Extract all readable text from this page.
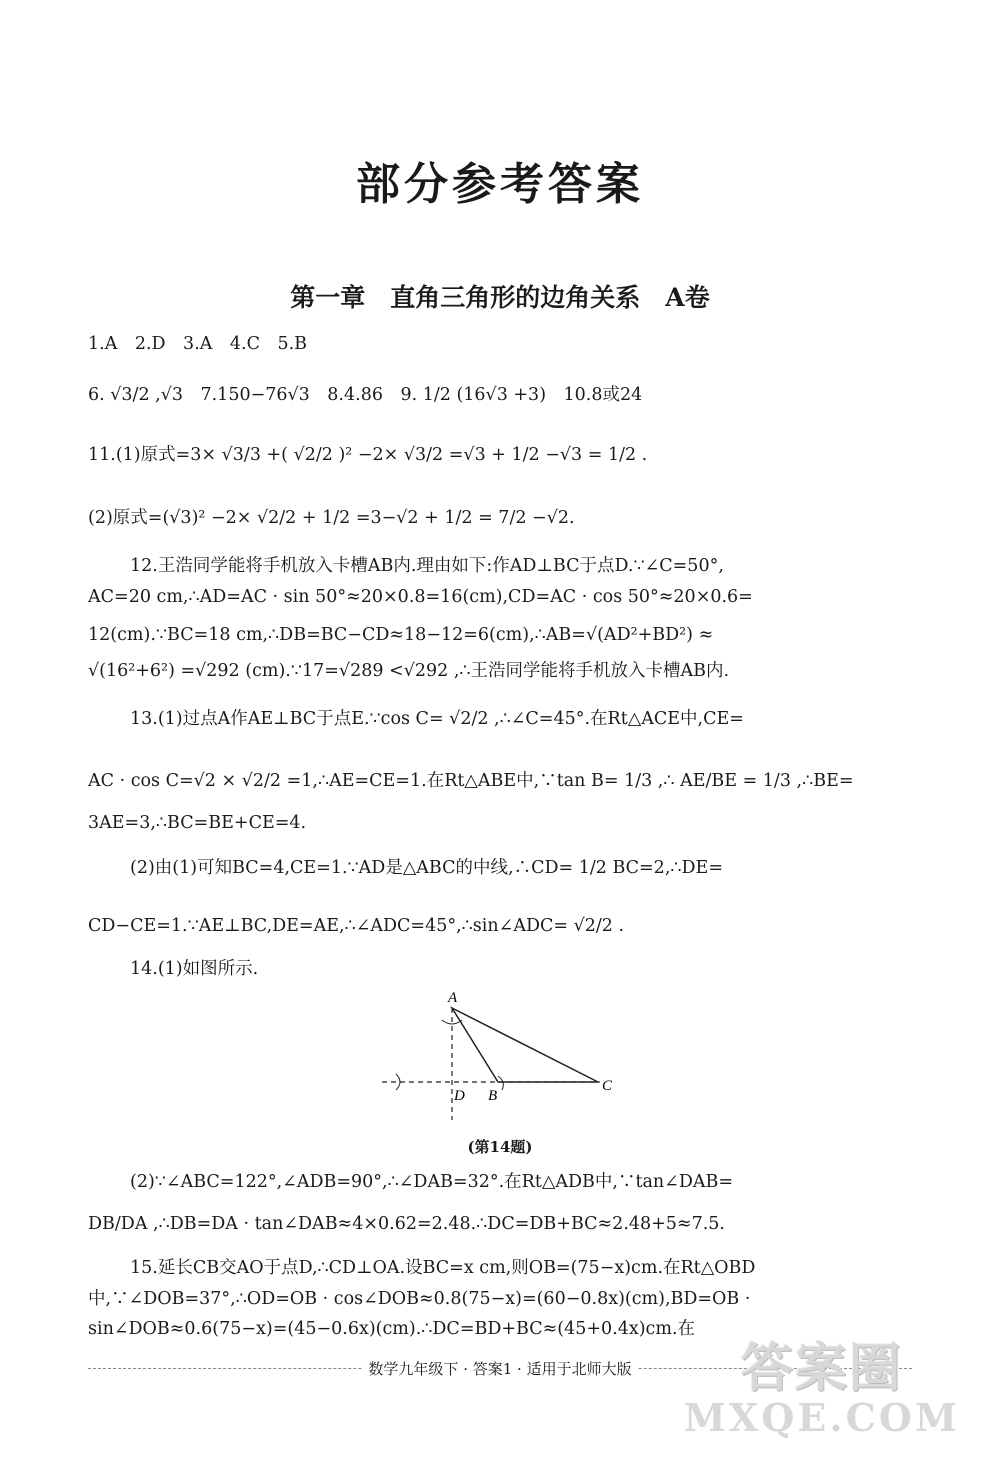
部分参考答案
第一章　直角三角形的边角关系　A卷
1.A　2.D　3.A　4.C　5.B
6. √3/2 ,√3　7.150−76√3　8.4.86　9. 1/2 (16√3 +3)　10.8或24
11.(1)原式=3× √3/3 +( √2/2 )² −2× √3/2 =√3 + 1/2 −√3 = 1/2 .
(2)原式=(√3)² −2× √2/2 + 1/2 =3−√2 + 1/2 = 7/2 −√2.
12.王浩同学能将手机放入卡槽AB内.理由如下:作AD⊥BC于点D.∵∠C=50°,
AC=20 cm,∴AD=AC · sin 50°≈20×0.8=16(cm),CD=AC · cos 50°≈20×0.6=
12(cm).∵BC=18 cm,∴DB=BC−CD≈18−12=6(cm),∴AB=√(AD²+BD²) ≈
√(16²+6²) =√292 (cm).∵17=√289 <√292 ,∴王浩同学能将手机放入卡槽AB内.
13.(1)过点A作AE⊥BC于点E.∵cos C= √2/2 ,∴∠C=45°.在Rt△ACE中,CE=
AC · cos C=√2 × √2/2 =1,∴AE=CE=1.在Rt△ABE中,∵tan B= 1/3 ,∴ AE/BE = 1/3 ,∴BE=
3AE=3,∴BC=BE+CE=4.
(2)由(1)可知BC=4,CE=1.∵AD是△ABC的中线,∴CD= 1/2 BC=2,∴DE=
CD−CE=1.∵AE⊥BC,DE=AE,∴∠ADC=45°,∴sin∠ADC= √2/2 .
14.(1)如图所示.
A
D B
C
(第14题)
(2)∵∠ABC=122°,∠ADB=90°,∴∠DAB=32°.在Rt△ADB中,∵tan∠DAB=
DB/DA ,∴DB=DA · tan∠DAB≈4×0.62=2.48.∴DC=DB+BC≈2.48+5≈7.5.
15.延长CB交AO于点D,∴CD⊥OA.设BC=x cm,则OB=(75−x)cm.在Rt△OBD
中,∵∠DOB=37°,∴OD=OB · cos∠DOB≈0.8(75−x)=(60−0.8x)(cm),BD=OB ·
sin∠DOB≈0.6(75−x)=(45−0.6x)(cm).∴DC=BD+BC≈(45+0.4x)cm.在
数学九年级下 · 答案1 · 适用于北师大版	答案圈
MXQE.COM
